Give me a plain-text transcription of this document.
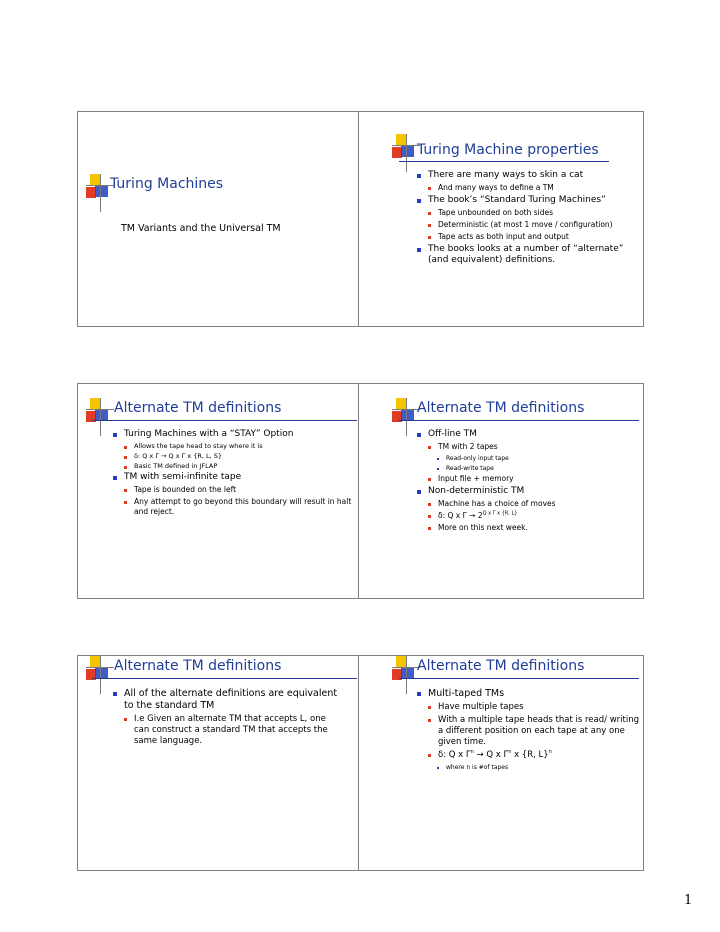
Turing Machines
TM Variants and the Universal TM
Turing Machine properties
There are many ways to skin a cat
And many ways to define a TM
The book’s “Standard Turing Machines”
Tape unbounded on both sides
Deterministic (at most 1 move / configuration)
Tape acts as both input and output
The books looks at a number of “alternate” (and equivalent) definitions.
Alternate TM definitions
Turing Machines with a “STAY” Option
Allows the tape head to stay where it is
δ: Q x Γ → Q x Γ x {R, L, S}
Basic TM defined in JFLAP
TM with semi-infinite tape
Tape is bounded on the left
Any attempt to go beyond this boundary will result in halt and reject.
Alternate TM definitions
Off-line TM
TM with 2 tapes
Read-only input tape
Read-write tape
Input file + memory
Non-deterministic TM
Machine has a choice of moves
δ: Q x $\Gamma \to 2^{Q x \Gamma x \{R, L\}}$
More on this next week.
Alternate TM definitions
All of the alternate definitions are equivalent to the standard TM
I.e Given an alternate TM that accepts L, one can construct a standard TM that accepts the same language.
Alternate TM definitions
Multi-taped TMs
Have multiple tapes
With a multiple tape heads that is read/ writing a different position on each tape at any one given time.
δ: Q x $\Gamma^n \to Q$ x $\Gamma^n$ x {R, L}$^n$
where n is #of tapes
1
